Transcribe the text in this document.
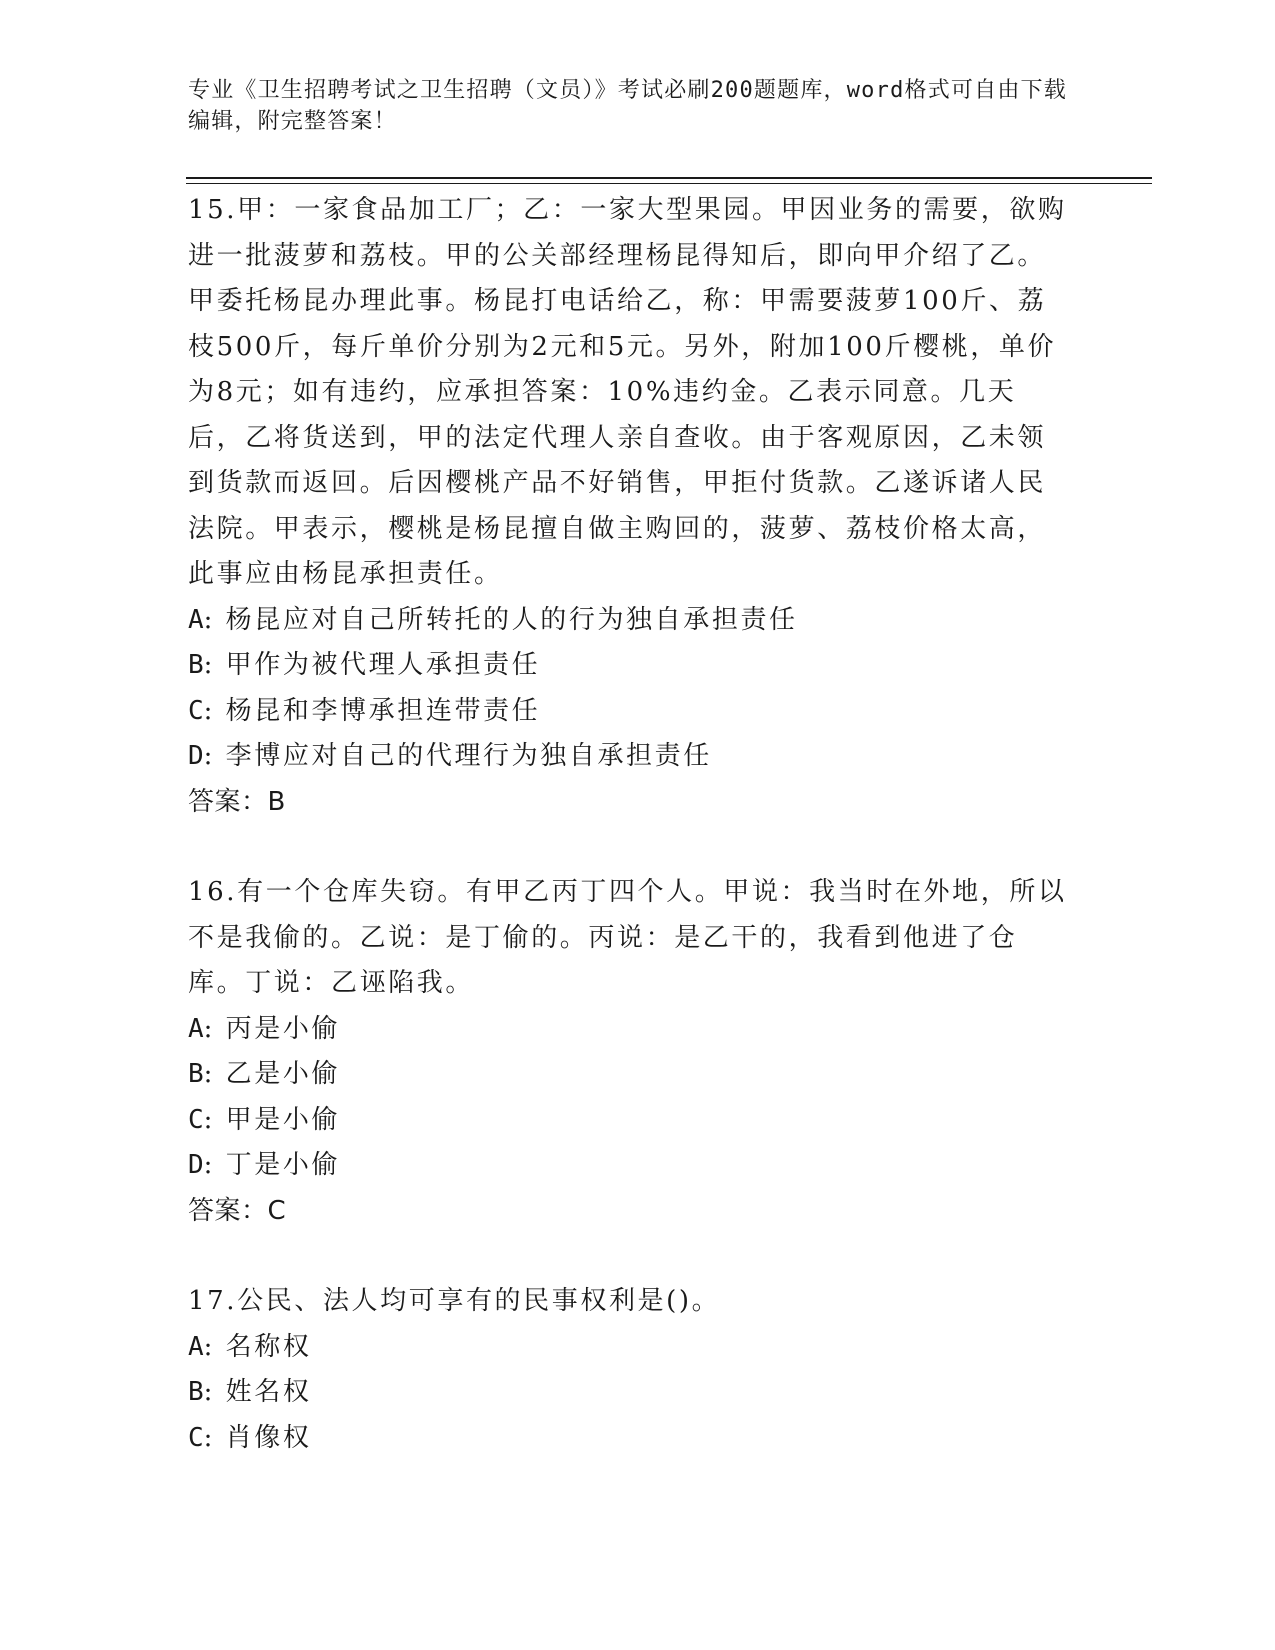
专业《卫生招聘考试之卫生招聘（文员）》考试必刷200题题库，word格式可自由下载编辑，附完整答案！

15.甲：一家食品加工厂；乙：一家大型果园。甲因业务的需要，欲购进一批菠萝和荔枝。甲的公关部经理杨昆得知后，即向甲介绍了乙。甲委托杨昆办理此事。杨昆打电话给乙，称：甲需要菠萝100斤、荔枝500斤，每斤单价分别为2元和5元。另外，附加100斤樱桃，单价为8元；如有违约，应承担答案：10%违约金。乙表示同意。几天后，乙将货送到，甲的法定代理人亲自查收。由于客观原因，乙未领到货款而返回。后因樱桃产品不好销售，甲拒付货款。乙遂诉诸人民法院。甲表示，樱桃是杨昆擅自做主购回的，菠萝、荔枝价格太高，此事应由杨昆承担责任。

A: 杨昆应对自己所转托的人的行为独自承担责任

B: 甲作为被代理人承担责任

C: 杨昆和李博承担连带责任

D: 李博应对自己的代理行为独自承担责任

答案：B

16.有一个仓库失窃。有甲乙丙丁四个人。甲说：我当时在外地，所以不是我偷的。乙说：是丁偷的。丙说：是乙干的，我看到他进了仓库。丁说：乙诬陷我。

A: 丙是小偷

B: 乙是小偷

C: 甲是小偷

D: 丁是小偷

答案：C

17.公民、法人均可享有的民事权利是()。

A: 名称权

B: 姓名权

C: 肖像权
